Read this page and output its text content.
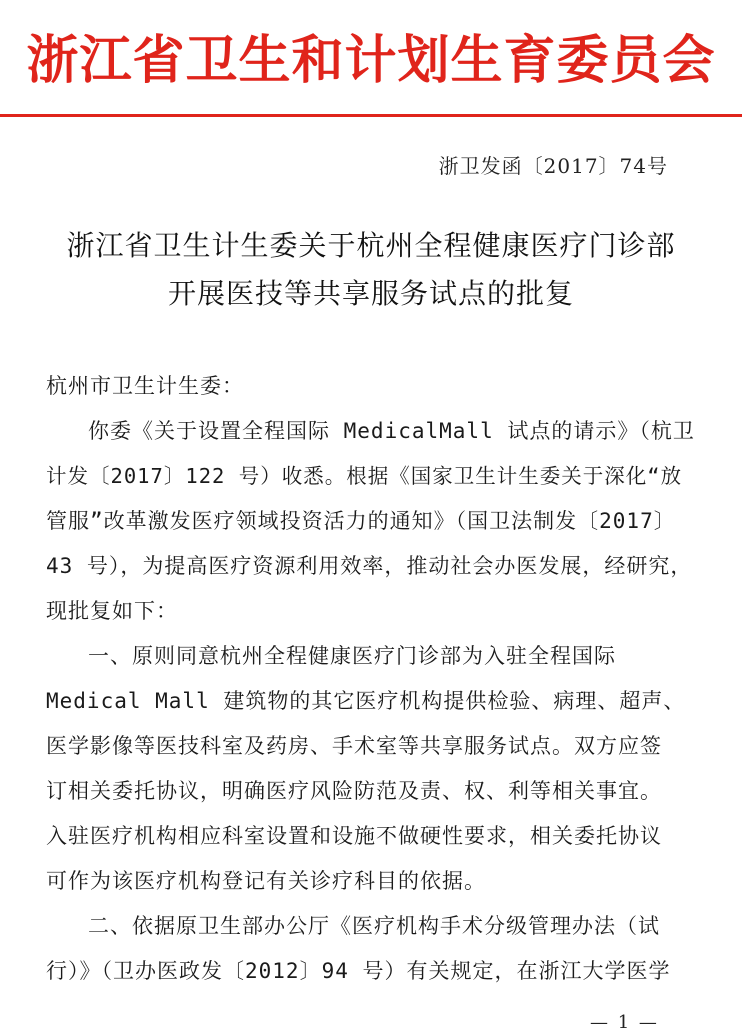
浙江省卫生和计划生育委员会
浙卫发函〔2017〕74号
浙江省卫生计生委关于杭州全程健康医疗门诊部
开展医技等共享服务试点的批复
杭州市卫生计生委：
你委《关于设置全程国际 MedicalMall 试点的请示》（杭卫
计发〔2017〕122 号）收悉。根据《国家卫生计生委关于深化“放
管服”改革激发医疗领域投资活力的通知》（国卫法制发〔2017〕
43 号），为提高医疗资源利用效率，推动社会办医发展，经研究，
现批复如下：
一、原则同意杭州全程健康医疗门诊部为入驻全程国际
Medical Mall 建筑物的其它医疗机构提供检验、病理、超声、
医学影像等医技科室及药房、手术室等共享服务试点。双方应签
订相关委托协议，明确医疗风险防范及责、权、利等相关事宜。
入驻医疗机构相应科室设置和设施不做硬性要求，相关委托协议
可作为该医疗机构登记有关诊疗科目的依据。
二、依据原卫生部办公厅《医疗机构手术分级管理办法（试
行）》（卫办医政发〔2012〕94 号）有关规定，在浙江大学医学
— 1 —
